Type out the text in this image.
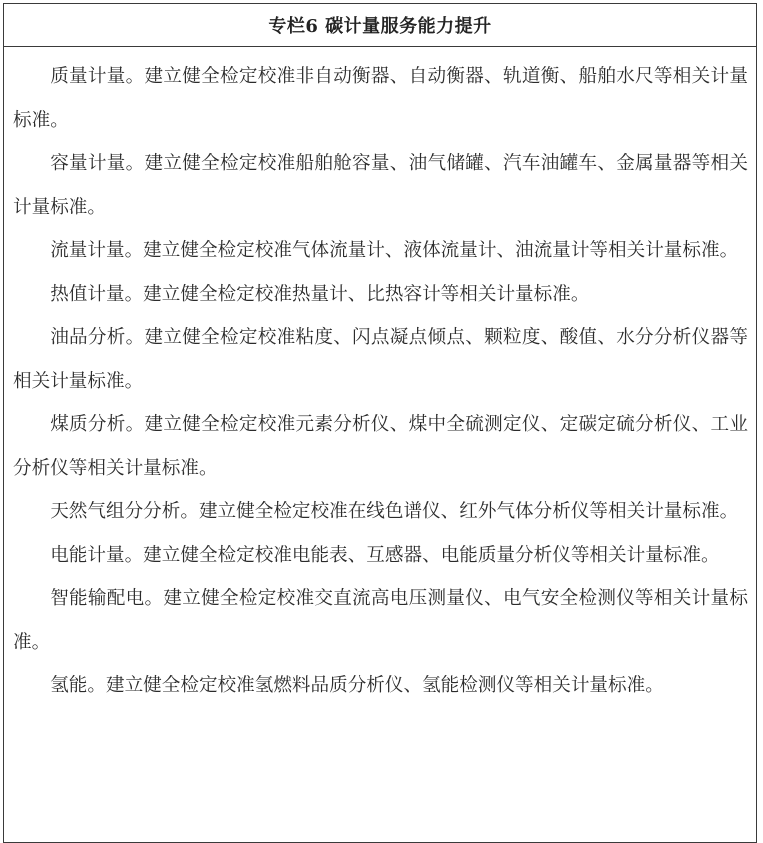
专栏6 碳计量服务能力提升

质量计量。建立健全检定校准非自动衡器、自动衡器、轨道衡、船舶水尺等相关计量标准。

容量计量。建立健全检定校准船舶舱容量、油气储罐、汽车油罐车、金属量器等相关计量标准。

流量计量。建立健全检定校准气体流量计、液体流量计、油流量计等相关计量标准。

热值计量。建立健全检定校准热量计、比热容计等相关计量标准。

油品分析。建立健全检定校准粘度、闪点凝点倾点、颗粒度、酸值、水分分析仪器等相关计量标准。

煤质分析。建立健全检定校准元素分析仪、煤中全硫测定仪、定碳定硫分析仪、工业分析仪等相关计量标准。

天然气组分分析。建立健全检定校准在线色谱仪、红外气体分析仪等相关计量标准。

电能计量。建立健全检定校准电能表、互感器、电能质量分析仪等相关计量标准。

智能输配电。建立健全检定校准交直流高电压测量仪、电气安全检测仪等相关计量标准。

氢能。建立健全检定校准氢燃料品质分析仪、氢能检测仪等相关计量标准。
